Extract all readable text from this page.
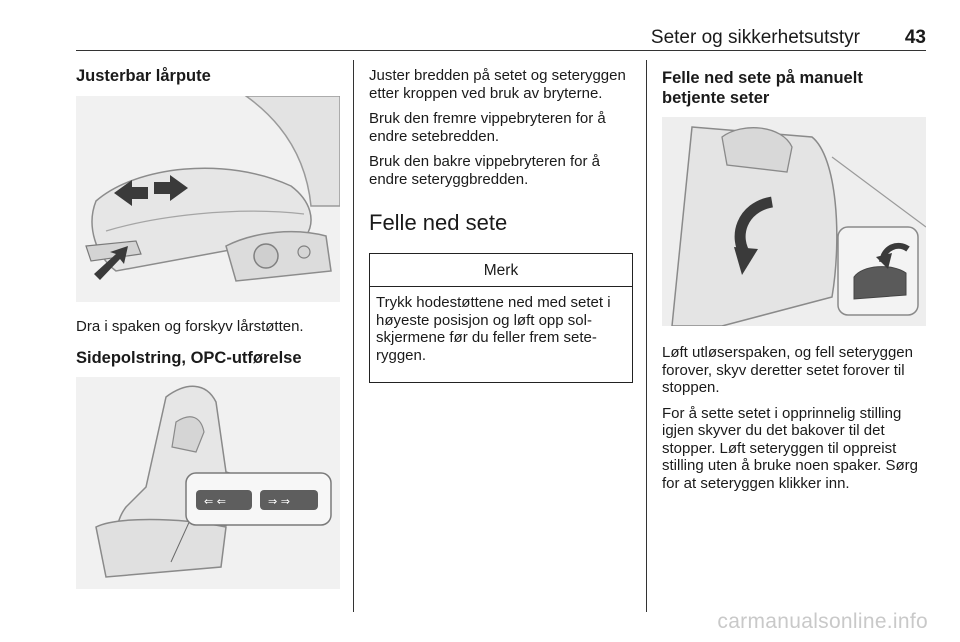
Seter og sikkerhetsutstyr 43

Justerbar lårpute

Dra i spaken og forskyv lårstøtten.

Sidepolstring, OPC-utførelse

⇐ ⇐	⇒ ⇒

Juster bredden på setet og seteryggen etter kroppen ved bruk av bryterne.

Bruk den fremre vippebryteren for å endre setebredden.

Bruk den bakre vippebryteren for å endre seteryggbredden.

Felle ned sete

Merk
Trykk hodestøttene ned med setet i høyeste posisjon og løft opp solskjermene før du feller frem seteryggen.

Felle ned sete på manuelt betjente seter

Løft utløserspaken, og fell seteryggen forover, skyv deretter setet forover til stoppen.

For å sette setet i opprinnelig stilling igjen skyver du det bakover til det stopper. Løft seteryggen til oppreist stilling uten å bruke noen spaker. Sørg for at seteryggen klikker inn.

carmanualsonline.info
